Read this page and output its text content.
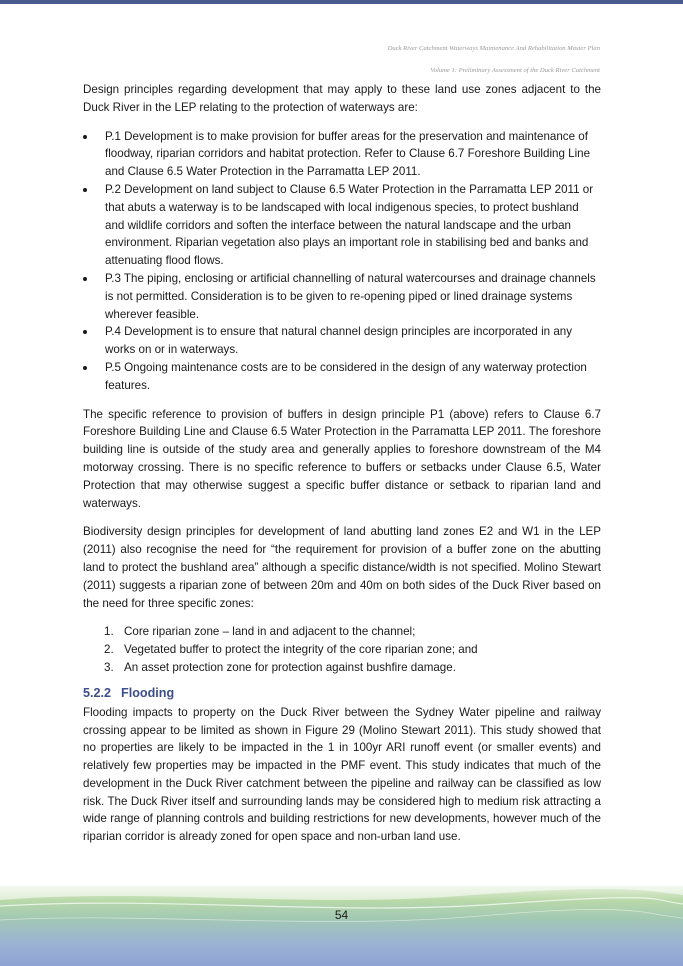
Duck River Catchment Waterways Maintenance And Rehabilitation Master Plan
Volume 1: Preliminary Assessment of the Duck River Catchment

Design principles regarding development that may apply to these land use zones adjacent to the Duck River in the LEP relating to the protection of waterways are:

P.1 Development is to make provision for buffer areas for the preservation and maintenance of floodway, riparian corridors and habitat protection. Refer to Clause 6.7 Foreshore Building Line and Clause 6.5 Water Protection in the Parramatta LEP 2011.
P.2 Development on land subject to Clause 6.5 Water Protection in the Parramatta LEP 2011 or that abuts a waterway is to be landscaped with local indigenous species, to protect bushland and wildlife corridors and soften the interface between the natural landscape and the urban environment. Riparian vegetation also plays an important role in stabilising bed and banks and attenuating flood flows.
P.3 The piping, enclosing or artificial channelling of natural watercourses and drainage channels is not permitted. Consideration is to be given to re-opening piped or lined drainage systems wherever feasible.
P.4 Development is to ensure that natural channel design principles are incorporated in any works on or in waterways.
P.5 Ongoing maintenance costs are to be considered in the design of any waterway protection features.

The specific reference to provision of buffers in design principle P1 (above) refers to Clause 6.7 Foreshore Building Line and Clause 6.5 Water Protection in the Parramatta LEP 2011. The foreshore building line is outside of the study area and generally applies to foreshore downstream of the M4 motorway crossing. There is no specific reference to buffers or setbacks under Clause 6.5, Water Protection that may otherwise suggest a specific buffer distance or setback to riparian land and waterways.

Biodiversity design principles for development of land abutting land zones E2 and W1 in the LEP (2011) also recognise the need for “the requirement for provision of a buffer zone on the abutting land to protect the bushland area” although a specific distance/width is not specified. Molino Stewart (2011) suggests a riparian zone of between 20m and 40m on both sides of the Duck River based on the need for three specific zones:

1. Core riparian zone – land in and adjacent to the channel;
2. Vegetated buffer to protect the integrity of the core riparian zone; and
3. An asset protection zone for protection against bushfire damage.
5.2.2 Flooding

Flooding impacts to property on the Duck River between the Sydney Water pipeline and railway crossing appear to be limited as shown in Figure 29 (Molino Stewart 2011). This study showed that no properties are likely to be impacted in the 1 in 100yr ARI runoff event (or smaller events) and relatively few properties may be impacted in the PMF event. This study indicates that much of the development in the Duck River catchment between the pipeline and railway can be classified as low risk. The Duck River itself and surrounding lands may be considered high to medium risk attracting a wide range of planning controls and building restrictions for new developments, however much of the riparian corridor is already zoned for open space and non-urban land use.

54
